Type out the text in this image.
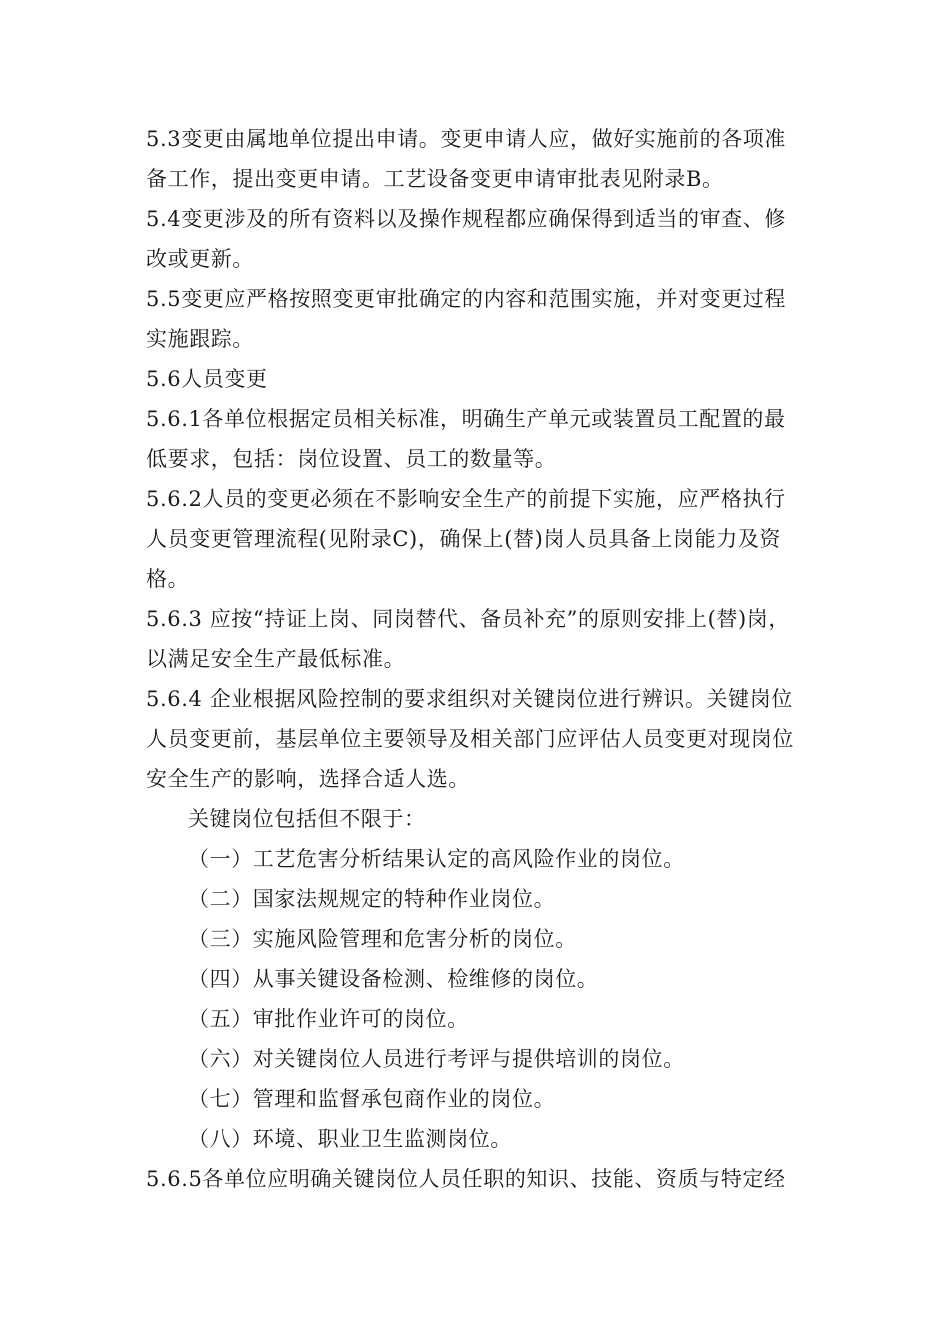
5.3变更由属地单位提出申请。变更申请人应，做好实施前的各项准
备工作，提出变更申请。工艺设备变更申请审批表见附录B。
5.4变更涉及的所有资料以及操作规程都应确保得到适当的审查、修
改或更新。
5.5变更应严格按照变更审批确定的内容和范围实施，并对变更过程
实施跟踪。
5.6人员变更
5.6.1各单位根据定员相关标准，明确生产单元或装置员工配置的最
低要求，包括：岗位设置、员工的数量等。
5.6.2人员的变更必须在不影响安全生产的前提下实施，应严格执行
人员变更管理流程(见附录C)，确保上(替)岗人员具备上岗能力及资
格。
5.6.3 应按“持证上岗、同岗替代、备员补充”的原则安排上(替)岗，
以满足安全生产最低标准。
5.6.4 企业根据风险控制的要求组织对关键岗位进行辨识。关键岗位
人员变更前，基层单位主要领导及相关部门应评估人员变更对现岗位
安全生产的影响，选择合适人选。
关键岗位包括但不限于：
（一）工艺危害分析结果认定的高风险作业的岗位。
（二）国家法规规定的特种作业岗位。
（三）实施风险管理和危害分析的岗位。
（四）从事关键设备检测、检维修的岗位。
（五）审批作业许可的岗位。
（六）对关键岗位人员进行考评与提供培训的岗位。
（七）管理和监督承包商作业的岗位。
（八）环境、职业卫生监测岗位。
5.6.5各单位应明确关键岗位人员任职的知识、技能、资质与特定经
